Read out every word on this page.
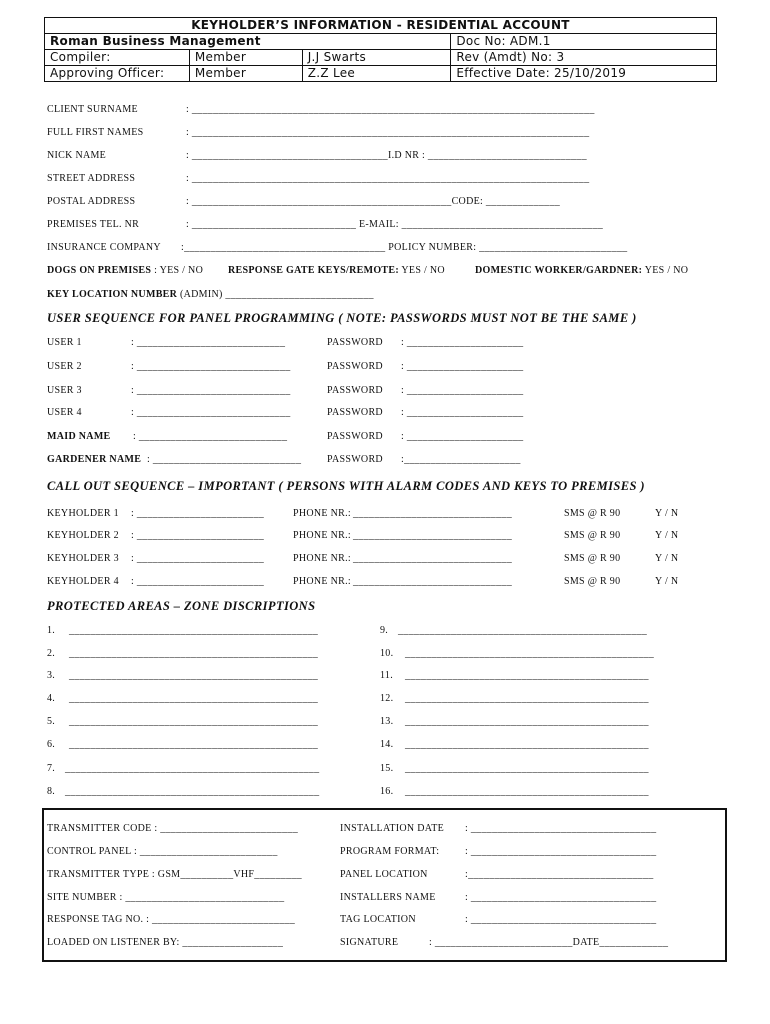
KEYHOLDER’S INFORMATION - RESIDENTIAL ACCOUNT			
Roman Business Management			Doc No: ADM.1
Compiler:	Member	J.J Swarts	Rev (Amdt) No: 3
Approving Officer:	Member	Z.Z Lee	Effective Date: 25/10/2019
CLIENT SURNAME	: ____________________________________________________________________________
FULL FIRST NAMES	: ___________________________________________________________________________
NICK NAME	: _____________________________________I.D NR : ______________________________
STREET ADDRESS	: ___________________________________________________________________________
POSTAL ADDRESS	: _________________________________________________CODE: ______________
PREMISES TEL. NR	: _______________________________ E-MAIL: ______________________________________
INSURANCE COMPANY :______________________________________ POLICY NUMBER: ____________________________
DOGS ON PREMISES : YES / NO RESPONSE GATE KEYS/REMOTE: YES / NO	DOMESTIC WORKER/GARDNER: YES / NO
KEY LOCATION NUMBER (ADMIN) ____________________________
USER SEQUENCE FOR PANEL PROGRAMMING ( NOTE: PASSWORDS MUST NOT BE THE SAME )
USER 1	: ____________________________	PASSWORD : ______________________
USER 2	: _____________________________	PASSWORD : ______________________
USER 3	: _____________________________	PASSWORD : ______________________
USER 4	: _____________________________	PASSWORD : ______________________
MAID NAME : ____________________________	PASSWORD : ______________________
GARDENER NAME : ____________________________	PASSWORD :______________________
CALL OUT SEQUENCE – IMPORTANT ( PERSONS WITH ALARM CODES AND KEYS TO PREMISES )
KEYHOLDER 1 : ________________________	PHONE NR.: ______________________________	SMS @ R 90	Y / N
KEYHOLDER 2 : ________________________	PHONE NR.: ______________________________	SMS @ R 90	Y / N
KEYHOLDER 3 : ________________________	PHONE NR.: ______________________________	SMS @ R 90	Y / N
KEYHOLDER 4 : ________________________	PHONE NR.: ______________________________	SMS @ R 90	Y / N
PROTECTED AREAS – ZONE DISCRIPTIONS
1. _______________________________________________	9. _______________________________________________
2. _______________________________________________	10. _______________________________________________
3. _______________________________________________	11. ______________________________________________
4. _______________________________________________	12. ______________________________________________
5. _______________________________________________	13. ______________________________________________
6. _______________________________________________	14. ______________________________________________
7. ________________________________________________	15. ______________________________________________
8. ________________________________________________	16. ______________________________________________
TRANSMITTER CODE : __________________________	INSTALLATION DATE : ___________________________________
CONTROL PANEL : __________________________	PROGRAM FORMAT:	: ___________________________________
TRANSMITTER TYPE : GSM__________VHF_________	PANEL LOCATION	:___________________________________
SITE NUMBER : ______________________________	INSTALLERS NAME	: ___________________________________
RESPONSE TAG NO. : ___________________________	TAG LOCATION	: ___________________________________
LOADED ON LISTENER BY: ___________________	SIGNATURE	: __________________________DATE_____________
